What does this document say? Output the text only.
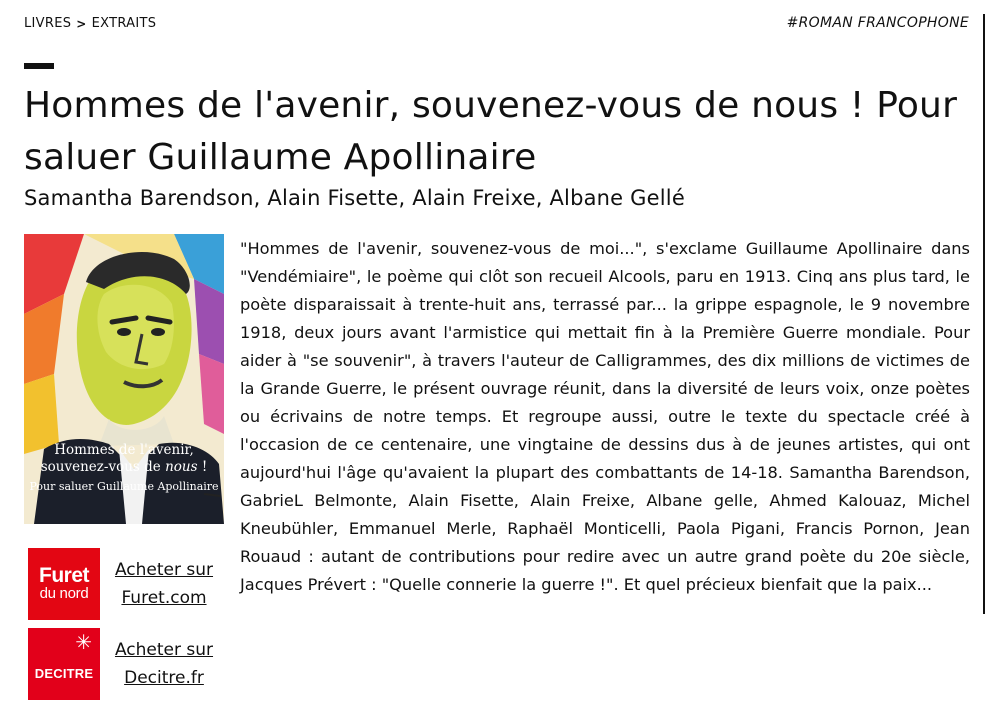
LIVRES > EXTRAITS	#ROMAN FRANCOPHONE
Hommes de l'avenir, souvenez-vous de nous ! Pour saluer Guillaume Apollinaire
Samantha Barendson, Alain Fisette, Alain Freixe, Albane Gellé
Hommes de l'avenir,
souvenez-vous de nous !
Pour saluer Guillaume Apollinaire
Furet
du nord
Acheter sur
Furet.com
✳
DECITRE
Acheter sur
Decitre.fr

"Hommes de l'avenir, souvenez-vous de moi...", s'exclame Guillaume Apollinaire dans "Vendémiaire", le poème qui clôt son recueil Alcools, paru en 1913. Cinq ans plus tard, le poète disparaissait à trente-huit ans, terrassé par... la grippe espagnole, le 9 novembre 1918, deux jours avant l'armistice qui mettait fin à la Première Guerre mondiale. Pour aider à "se souvenir", à travers l'auteur de Calligrammes, des dix millions de victimes de la Grande Guerre, le présent ouvrage réunit, dans la diversité de leurs voix, onze poètes ou écrivains de notre temps. Et regroupe aussi, outre le texte du spectacle créé à l'occasion de ce centenaire, une vingtaine de dessins dus à de jeunes artistes, qui ont aujourd'hui l'âge qu'avaient la plupart des combattants de 14-18. Samantha Barendson, GabrieL Belmonte, Alain Fisette, Alain Freixe, Albane gelle, Ahmed Kalouaz, Michel Kneubühler, Emmanuel Merle, Raphaël Monticelli, Paola Pigani, Francis Pornon, Jean Rouaud : autant de contributions pour redire avec un autre grand poète du 20e siècle, Jacques Prévert : "Quelle connerie la guerre !". Et quel précieux bienfait que la paix...
